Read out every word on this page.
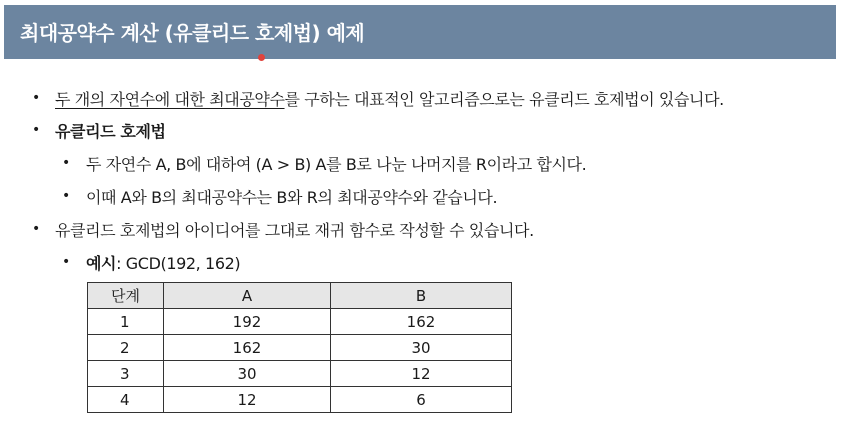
최대공약수 계산 (유클리드 호제법) 예제
• 두 개의 자연수에 대한 최대공약수를 구하는 대표적인 알고리즘으로는 유클리드 호제법이 있습니다.
• 유클리드 호제법
• 두 자연수 A, B에 대하여 (A > B) A를 B로 나눈 나머지를 R이라고 합시다.
• 이때 A와 B의 최대공약수는 B와 R의 최대공약수와 같습니다.
• 유클리드 호제법의 아이디어를 그대로 재귀 함수로 작성할 수 있습니다.
• 예시: GCD(192, 162)
단계	A	B
1	192	162
2	162	30
3	30	12
4	12	6
